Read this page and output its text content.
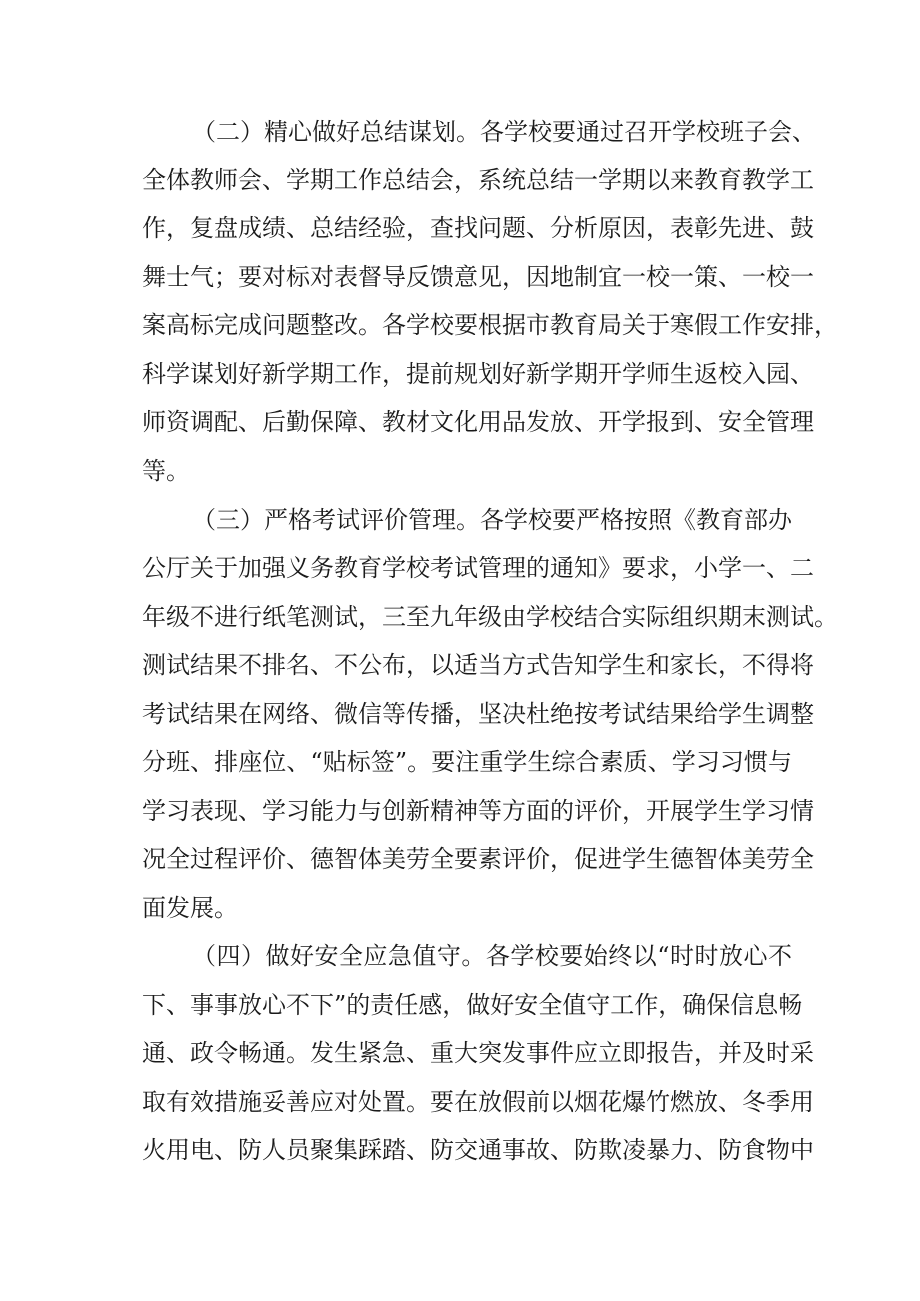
（二）精心做好总结谋划。各学校要通过召开学校班子会、
全体教师会、学期工作总结会，系统总结一学期以来教育教学工
作，复盘成绩、总结经验，查找问题、分析原因，表彰先进、鼓
舞士气；要对标对表督导反馈意见，因地制宜一校一策、一校一
案高标完成问题整改。各学校要根据市教育局关于寒假工作安排，
科学谋划好新学期工作，提前规划好新学期开学师生返校入园、
师资调配、后勤保障、教材文化用品发放、开学报到、安全管理
等。
（三）严格考试评价管理。各学校要严格按照《教育部办
公厅关于加强义务教育学校考试管理的通知》要求，小学一、二
年级不进行纸笔测试，三至九年级由学校结合实际组织期末测试。
测试结果不排名、不公布，以适当方式告知学生和家长，不得将
考试结果在网络、微信等传播，坚决杜绝按考试结果给学生调整
分班、排座位、“贴标签”。要注重学生综合素质、学习习惯与
学习表现、学习能力与创新精神等方面的评价，开展学生学习情
况全过程评价、德智体美劳全要素评价，促进学生德智体美劳全
面发展。
（四）做好安全应急值守。各学校要始终以“时时放心不
下、事事放心不下”的责任感，做好安全值守工作，确保信息畅
通、政令畅通。发生紧急、重大突发事件应立即报告，并及时采
取有效措施妥善应对处置。要在放假前以烟花爆竹燃放、冬季用
火用电、防人员聚集踩踏、防交通事故、防欺凌暴力、防食物中
